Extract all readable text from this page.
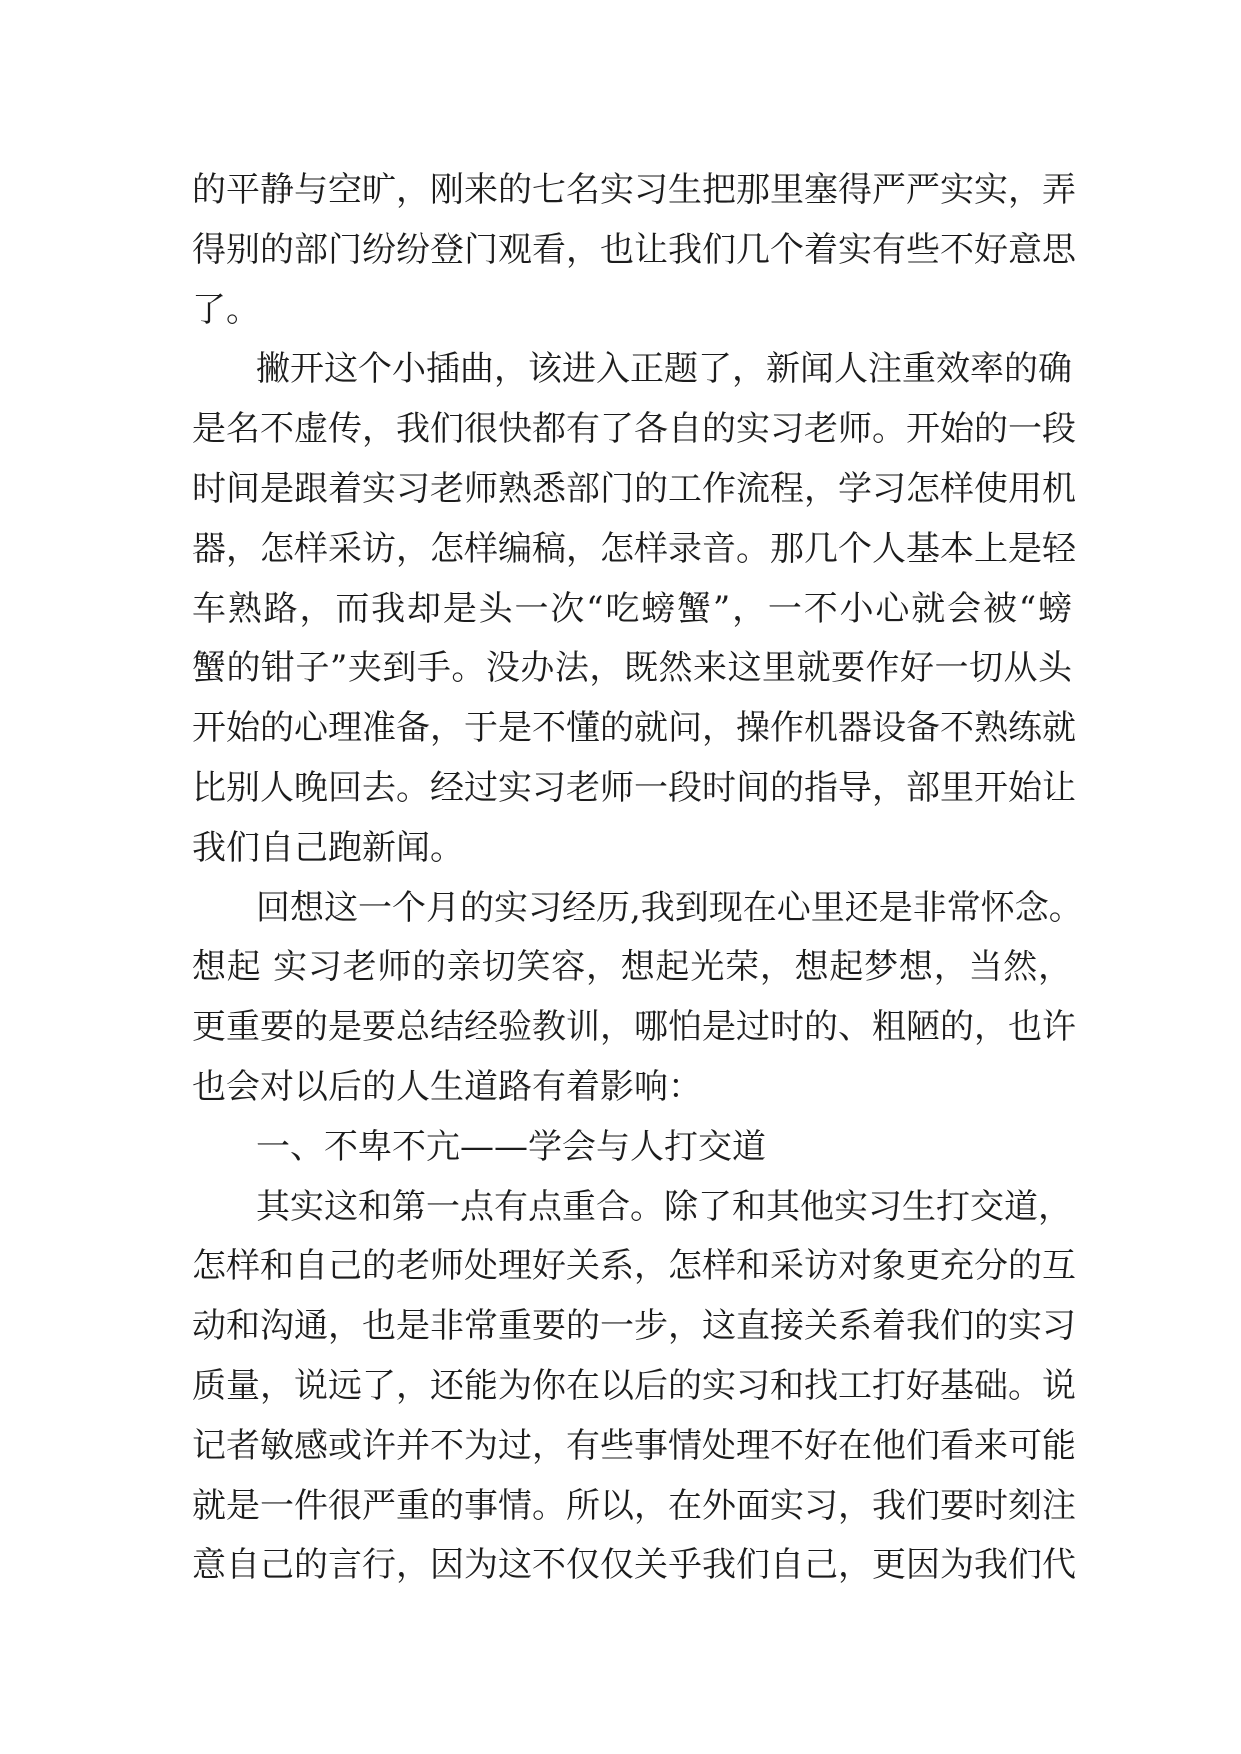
的平静与空旷，刚来的七名实习生把那里塞得严严实实，弄
得别的部门纷纷登门观看，也让我们几个着实有些不好意思
了。
撇开这个小插曲，该进入正题了，新闻人注重效率的确
是名不虚传，我们很快都有了各自的实习老师。开始的一段
时间是跟着实习老师熟悉部门的工作流程，学习怎样使用机
器，怎样采访，怎样编稿，怎样录音。那几个人基本上是轻
车熟路，而我却是头一次“吃螃蟹”，一不小心就会被“螃
蟹的钳子”夹到手。没办法，既然来这里就要作好一切从头
开始的心理准备，于是不懂的就问，操作机器设备不熟练就
比别人晚回去。经过实习老师一段时间的指导，部里开始让
我们自己跑新闻。
回想这一个月的实习经历,我到现在心里还是非常怀念。
想起 实习老师的亲切笑容，想起光荣，想起梦想，当然，
更重要的是要总结经验教训，哪怕是过时的、粗陋的，也许
也会对以后的人生道路有着影响：
一、不卑不亢——学会与人打交道
其实这和第一点有点重合。除了和其他实习生打交道，
怎样和自己的老师处理好关系，怎样和采访对象更充分的互
动和沟通，也是非常重要的一步，这直接关系着我们的实习
质量，说远了，还能为你在以后的实习和找工打好基础。说
记者敏感或许并不为过，有些事情处理不好在他们看来可能
就是一件很严重的事情。所以，在外面实习，我们要时刻注
意自己的言行，因为这不仅仅关乎我们自己，更因为我们代
